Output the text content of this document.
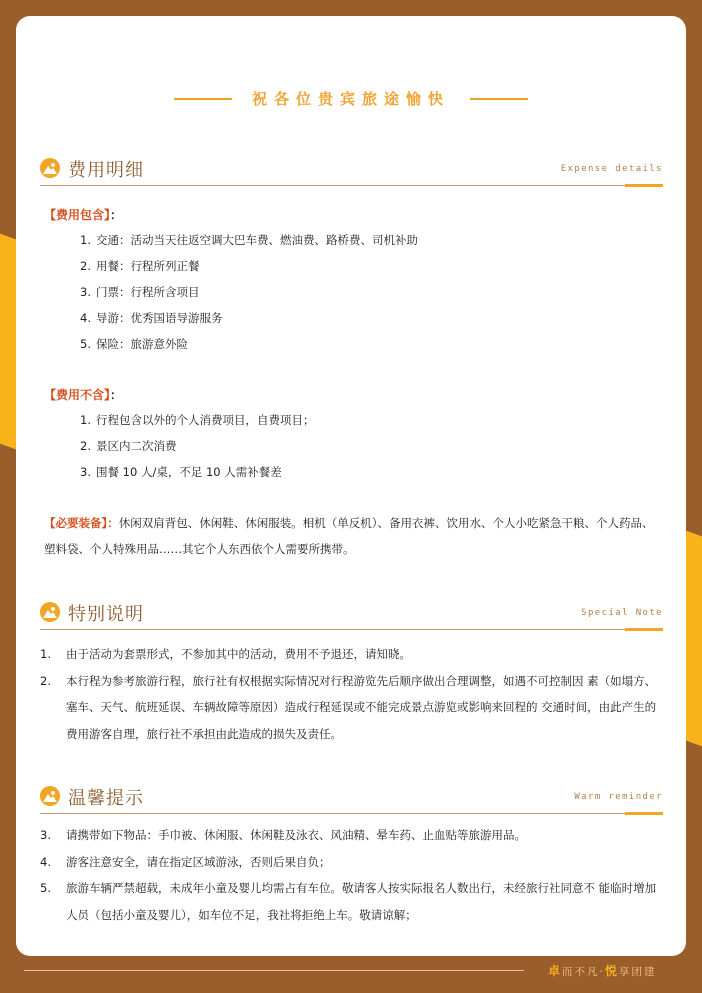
祝各位贵宾旅途愉快
费用明细	Expense details
【费用包含】：
1. 交通：活动当天往返空调大巴车费、燃油费、路桥费、司机补助
2. 用餐：行程所列正餐
3. 门票：行程所含项目
4. 导游：优秀国语导游服务
5. 保险：旅游意外险
【费用不含】：
1. 行程包含以外的个人消费项目，自费项目；
2. 景区内二次消费
3. 围餐 10 人/桌，不足 10 人需补餐差

【必要装备】：休闲双肩背包、休闲鞋、休闲服装。相机（单反机）、备用衣裤、饮用水、个人小吃紧急干粮、个人药品、塑料袋、个人特殊用品……其它个人东西依个人需要所携带。

特别说明	Special Note
1. 由于活动为套票形式，不参加其中的活动，费用不予退还，请知晓。
2. 本行程为参考旅游行程，旅行社有权根据实际情况对行程游览先后顺序做出合理调整，如遇不可控制因 素（如塌方、塞车、天气、航班延误、车辆故障等原因）造成行程延误或不能完成景点游览或影响来回程的 交通时间，由此产生的费用游客自理，旅行社不承担由此造成的损失及责任。
温馨提示	Warm reminder
3. 请携带如下物品：手巾被、休闲服、休闲鞋及泳衣、风油精、晕车药、止血贴等旅游用品。
4. 游客注意安全，请在指定区域游泳，否则后果自负；
5. 旅游车辆严禁超载，未成年小童及婴儿均需占有车位。敬请客人按实际报名人数出行，未经旅行社同意不 能临时增加人员（包括小童及婴儿），如车位不足，我社将拒绝上车。敬请谅解；
卓而不凡·悦享团建
